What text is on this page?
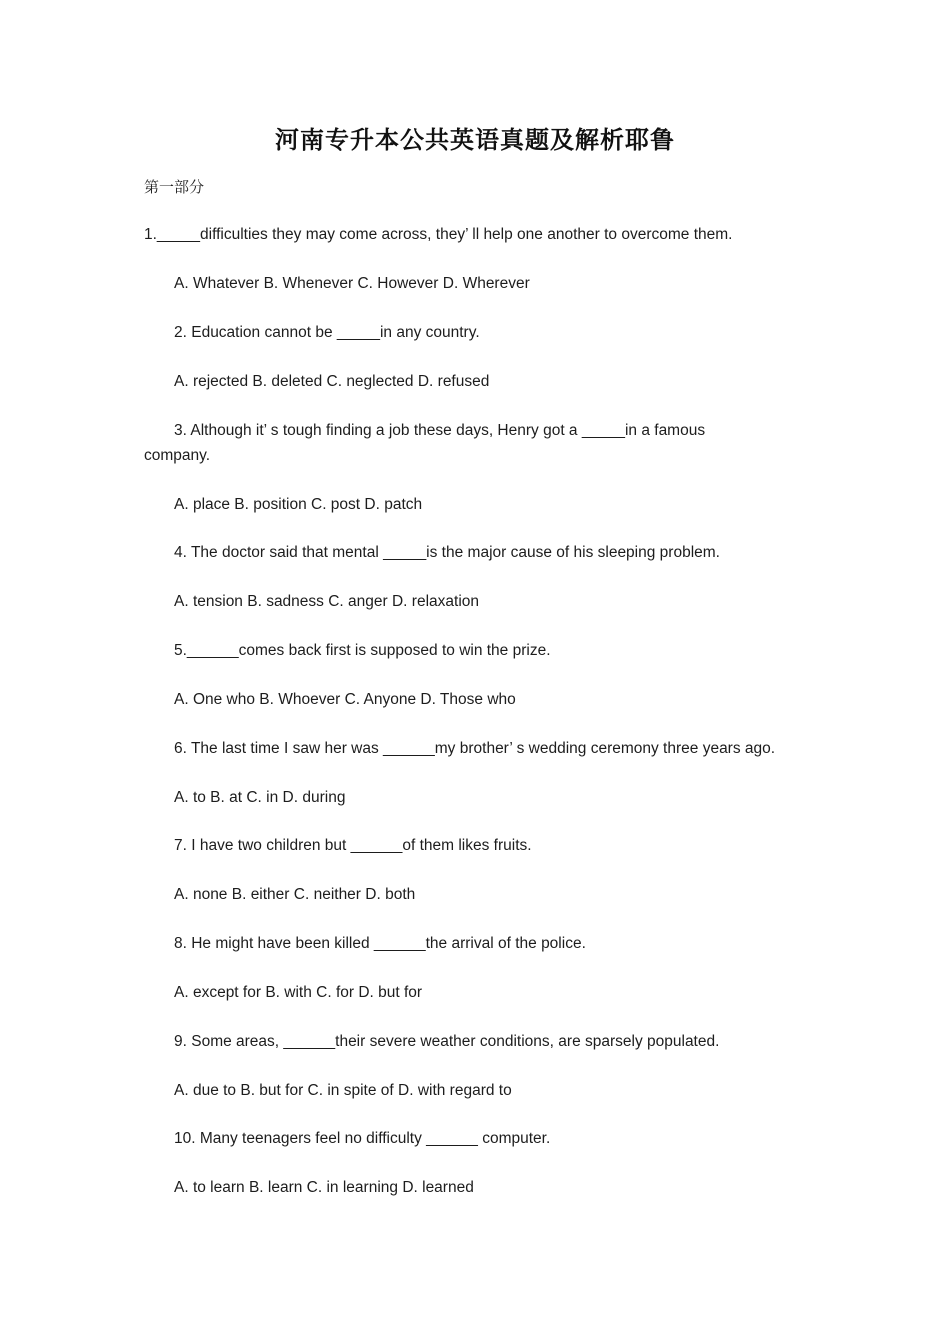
河南专升本公共英语真题及解析耶鲁
第一部分
1._____difficulties they may come across, they’ ll help one another to overcome them.
A. Whatever B. Whenever C. However D. Wherever
2. Education cannot be _____in any country.
A. rejected B. deleted C. neglected D. refused
3. Although it’ s tough finding a job these days, Henry got a _____in a famous
company.
A. place B. position C. post D. patch
4. The doctor said that mental _____is the major cause of his sleeping problem.
A. tension B. sadness C. anger D. relaxation
5.______comes back first is supposed to win the prize.
A. One who B. Whoever C. Anyone D. Those who
6. The last time I saw her was ______my brother’ s wedding ceremony three years ago.
A. to B. at C. in D. during
7. I have two children but ______of them likes fruits.
A. none B. either C. neither D. both
8. He might have been killed ______the arrival of the police.
A. except for B. with C. for D. but for
9. Some areas, ______their severe weather conditions, are sparsely populated.
A. due to B. but for C. in spite of D. with regard to
10. Many teenagers feel no difficulty ______ computer.
A. to learn B. learn C. in learning D. learned
